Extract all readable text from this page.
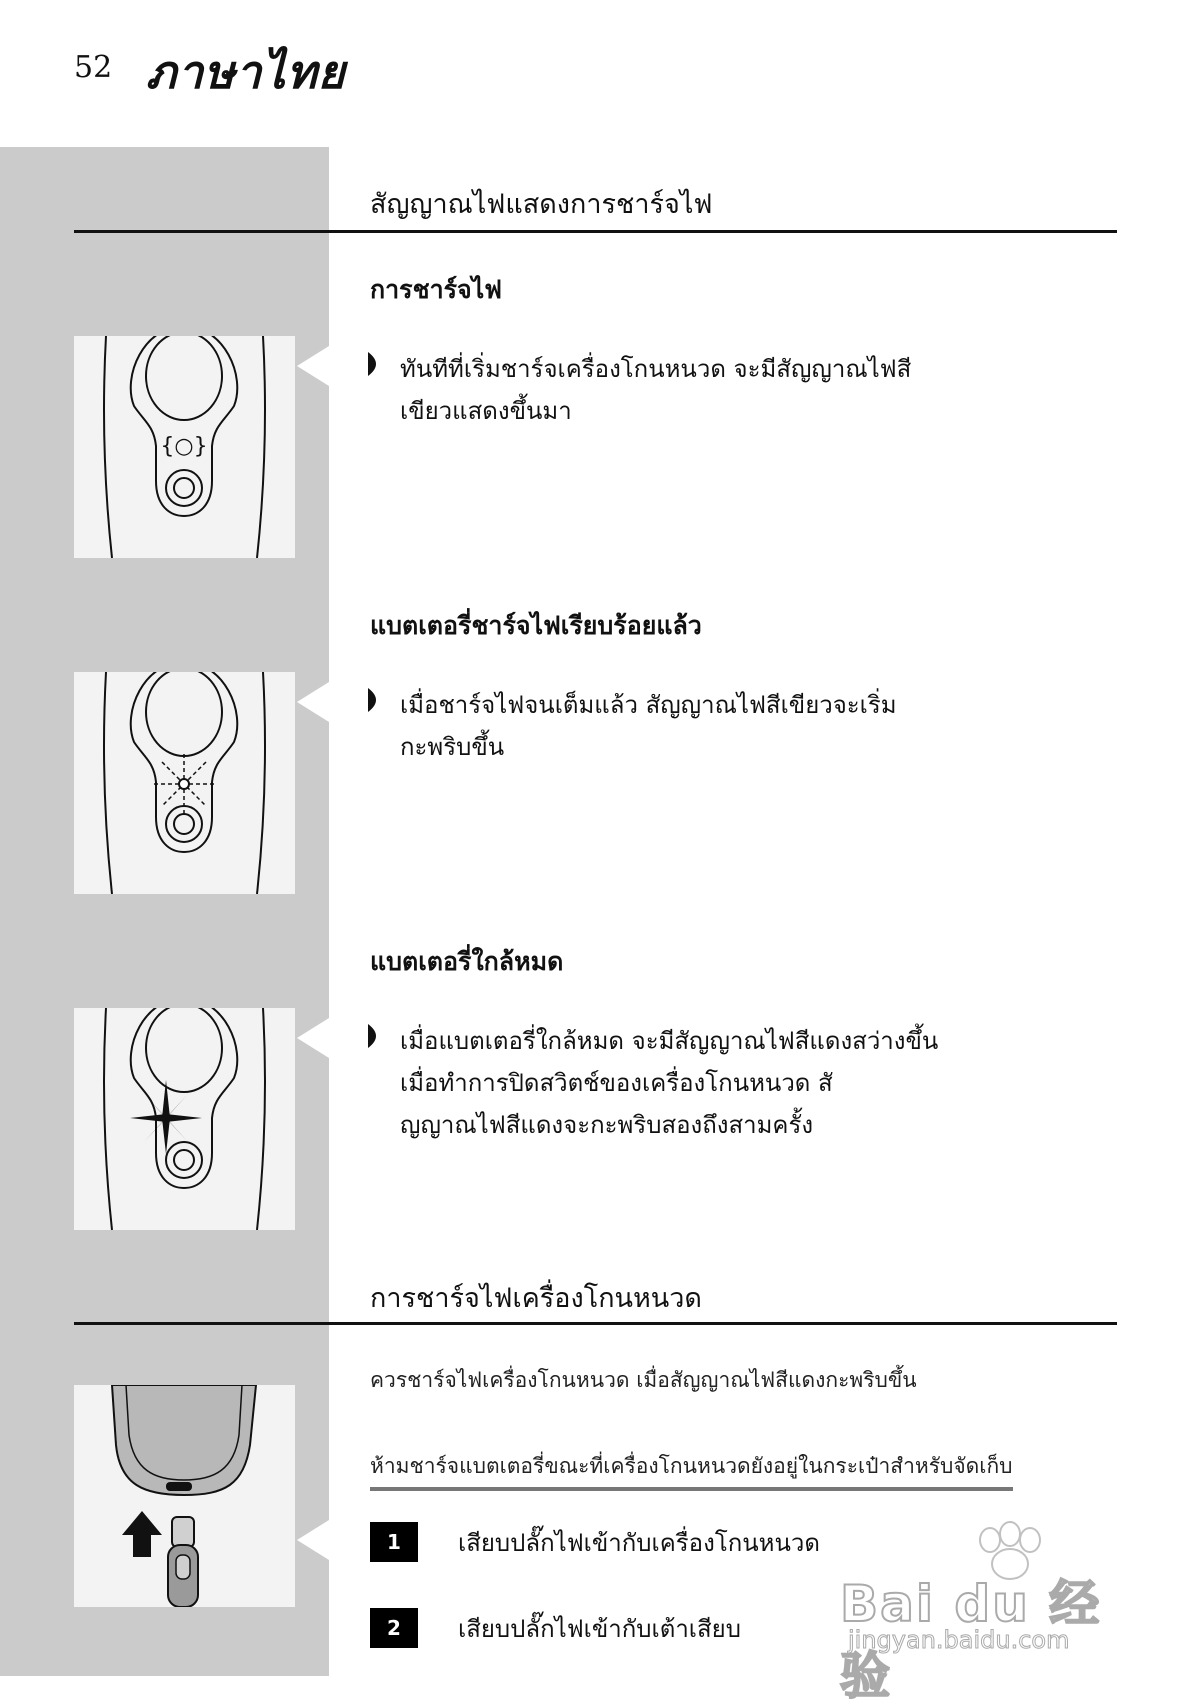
52 ภาษาไทย
สัญญาณไฟแสดงการชาร์จไฟ
การชาร์จไฟ
{○}
ทันทีที่เริ่มชาร์จเครื่องโกนหนวด จะมีสัญญาณไฟสีเขียวแสดงขึ้นมา
แบตเตอรี่ชาร์จไฟเรียบร้อยแล้ว
เมื่อชาร์จไฟจนเต็มแล้ว สัญญาณไฟสีเขียวจะเริ่มกะพริบขึ้น
แบตเตอรี่ใกล้หมด
เมื่อแบตเตอรี่ใกล้หมด จะมีสัญญาณไฟสีแดงสว่างขึ้น
เมื่อทำการปิดสวิตช์ของเครื่องโกนหนวด สั
ญญาณไฟสีแดงจะกะพริบสองถึงสามครั้ง
การชาร์จไฟเครื่องโกนหนวด
ควรชาร์จไฟเครื่องโกนหนวด เมื่อสัญญาณไฟสีแดงกะพริบขึ้น
ห้ามชาร์จแบตเตอรี่ขณะที่เครื่องโกนหนวดยังอยู่ในกระเป๋าสำหรับจัดเก็บ
1	เสียบปลั๊กไฟเข้ากับเครื่องโกนหนวด
2	เสียบปลั๊กไฟเข้ากับเต้าเสียบ Bai du 经验
jingyan.baidu.com
